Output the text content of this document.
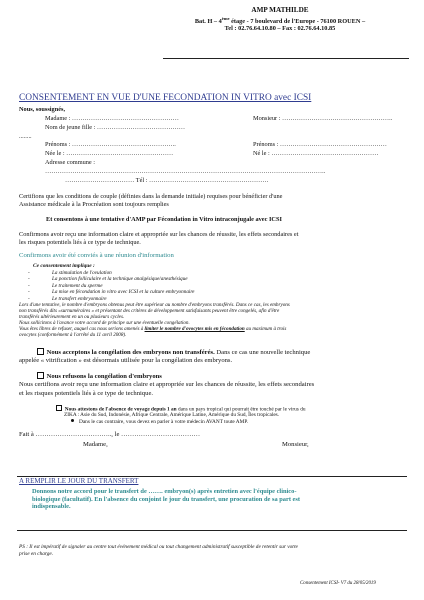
AMP MATHILDE
Bat. H – 4ème étage - 7 boulevard de l'Europe - 76100 ROUEN –
Tel : 02.76.64.10.80 – Fax : 02.76.64.10.85
CONSENTEMENT EN VUE D'UNE FECONDATION IN VITRO avec ICSI
Nous, soussignés,
Madame : ……………………………………………	Monsieur : ……………………………………………..
Nom de jeune fille : ……………………………………
........
Prénoms : …………………………………………..	Prénoms : ……………………………………………
Née le : ……………………………………………	Né le : ……………………………………………
Adresse commune :
……………………………………………………………………………………………………………………..
…………………………… Tél : …………………………………………………
Certifions que les conditions de couple (définies dans la demande initiale) requises pour bénéficier d'une
Assistance médicale à la Procréation sont toujours remplies
Et consentons à une tentative d'AMP par Fécondation in Vitro intraconjugale avec ICSI
Confirmons avoir reçu une information claire et appropriée sur les chances de réussite, les effets secondaires et
les risques potentiels liés à ce type de technique.
Confirmons avoir été conviés à une réunion d'information
Ce consentement implique :
- La stimulation de l'ovulation
- La ponction folliculaire et la technique analgésique/anesthésique
- Le traitement du sperme
- La mise en fécondation in vitro avec ICSI et la culture embryonnaire
- Le transfert embryonnaire
Lors d'une tentative, le nombre d'embryons obtenus peut être supérieur au nombre d'embryons transférés. Dans ce cas, les embryons
non transférés dits «surnuméraires » et présentant des critères de développement satisfaisants peuvent être congelés, afin d'être
transférés ultérieurement en un ou plusieurs cycles.
Nous sollicitons à l'avance votre accord de principe sur une éventuelle congélation.
Vous êtes libres de refuser, auquel cas nous serions amenés à limiter le nombre d'ovocytes mis en fécondation au maximum à trois
ovocytes (conformément à l'arrêté du 11 avril 2008).
Nous acceptons la congélation des embryons non transférés. Dans ce cas une nouvelle technique
appelée « vitrification » est désormais utilisée pour la congélation des embryons.
Nous refusons la congélation d'embryons
Nous certifions avoir reçu une information claire et appropriée sur les chances de réussite, les effets secondaires
et les risques potentiels liés à ce type de technique.
Nous attestons de l'absence de voyage depuis 1 an dans un pays tropical qui pourrait être touché par le virus du
ZIKA : Asie du Sud, Indonésie, Afrique Centrale, Amérique Latine, Amérique du Sud, Îles tropicales.
Dans le cas contraire, vous devez en parler à votre médecin AVANT toute AMP.
Fait à …………………………….., le ………………………………
Madame,	Monsieur,
A REMPLIR LE JOUR DU TRANSFERT
Donnons notre accord pour le transfert de ……. embryon(s) après entretien avec l'équipe clinico-
biologique (facultatif). En l'absence du conjoint le jour du transfert, une procuration de sa part est
indispensable.
PS : Il est impératif de signaler au centre tout événement médical ou tout changement administratif susceptible de retentir sur votre
prise en charge.
Consentement ICSI- V7 du 28/05/2019
